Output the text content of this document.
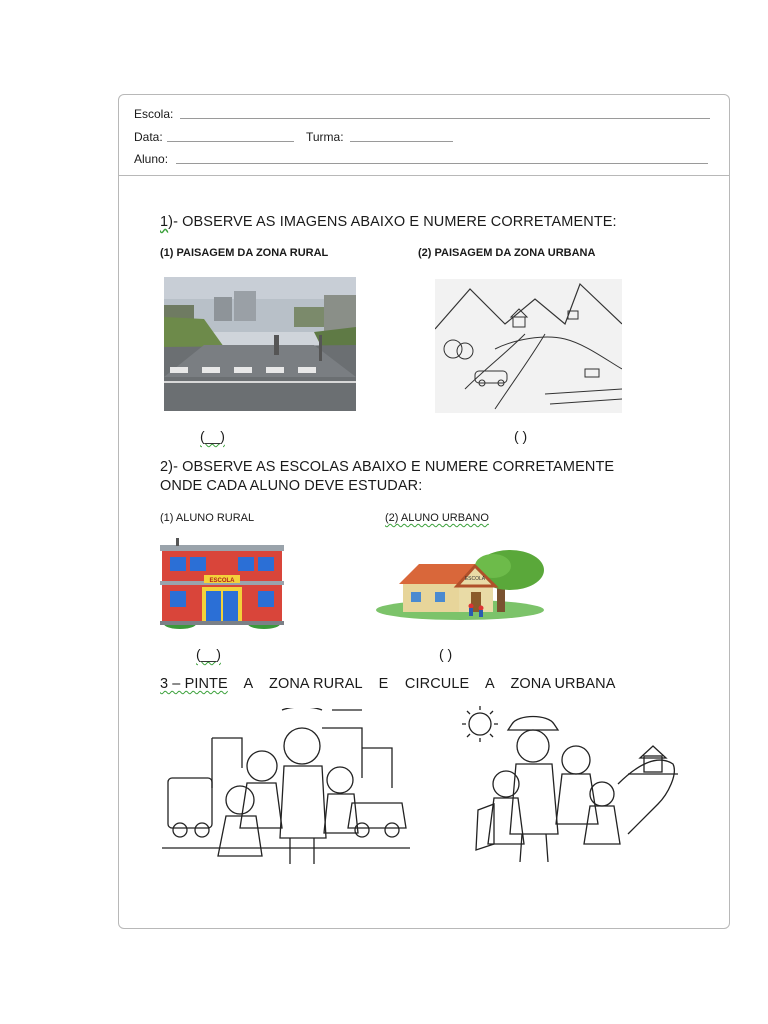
Escola:
Data:	Turma:
Aluno:
1)- OBSERVE AS IMAGENS ABAIXO E NUMERE CORRETAMENTE:
(1) PAISAGEM DA ZONA RURAL	(2) PAISAGEM DA ZONA URBANA
(__)	( )
2)- OBSERVE AS ESCOLAS ABAIXO E NUMERE CORRETAMENTE
ONDE CADA ALUNO DEVE ESTUDAR:
(1) ALUNO RURAL	(2) ALUNO URBANO
ESCOLA	ESCOLA
(__)	( )
3 – PINTE A    ZONA RURAL    E    CIRCULE    A    ZONA URBANA
